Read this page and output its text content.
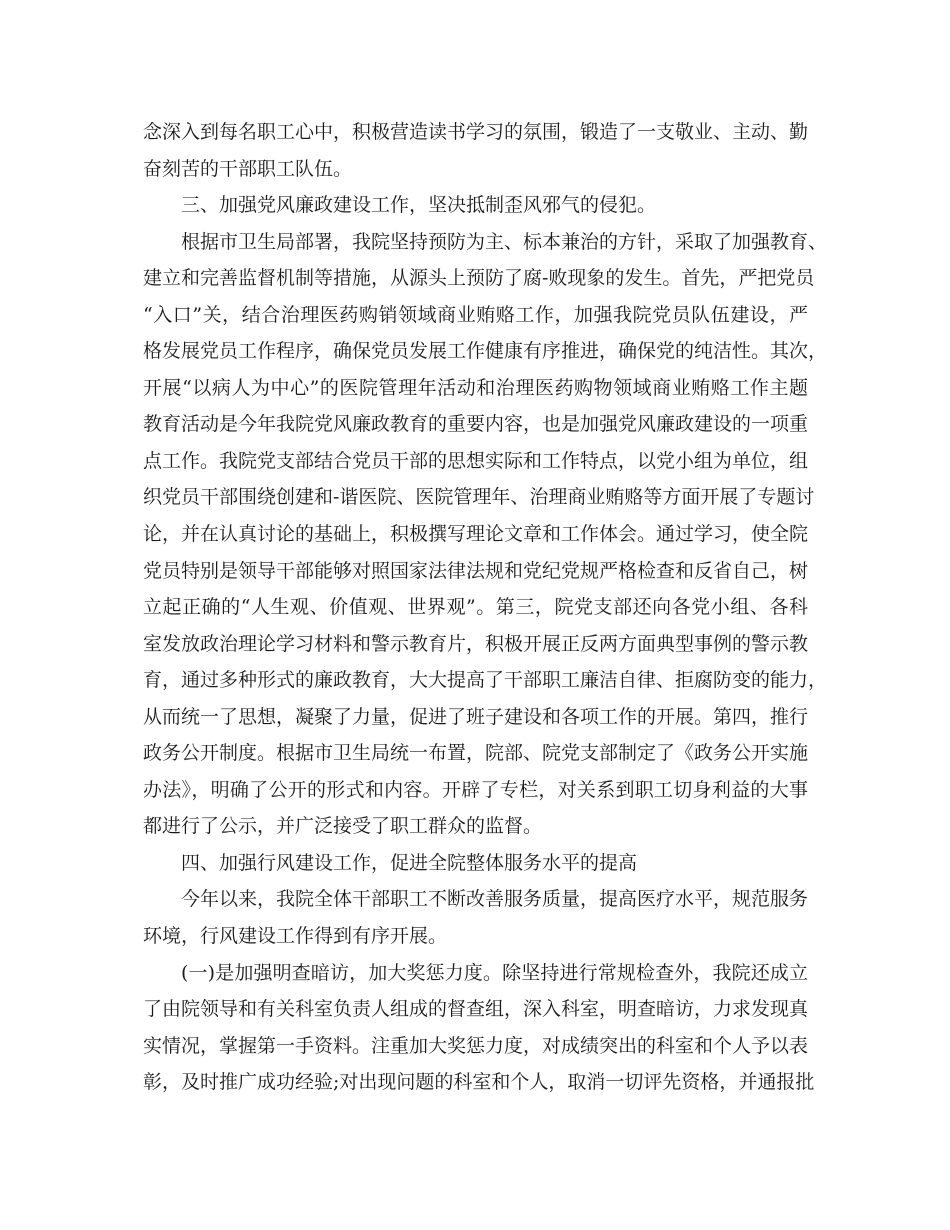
念深入到每名职工心中，积极营造读书学习的氛围，锻造了一支敬业、主动、勤
奋刻苦的干部职工队伍。
三、加强党风廉政建设工作，坚决抵制歪风邪气的侵犯。
根据市卫生局部署，我院坚持预防为主、标本兼治的方针，采取了加强教育、
建立和完善监督机制等措施，从源头上预防了腐-败现象的发生。首先，严把党员
“入口”关，结合治理医药购销领域商业贿赂工作，加强我院党员队伍建设，严
格发展党员工作程序，确保党员发展工作健康有序推进，确保党的纯洁性。其次，
开展“以病人为中心”的医院管理年活动和治理医药购物领域商业贿赂工作主题
教育活动是今年我院党风廉政教育的重要内容，也是加强党风廉政建设的一项重
点工作。我院党支部结合党员干部的思想实际和工作特点，以党小组为单位，组
织党员干部围绕创建和-谐医院、医院管理年、治理商业贿赂等方面开展了专题讨
论，并在认真讨论的基础上，积极撰写理论文章和工作体会。通过学习，使全院
党员特别是领导干部能够对照国家法律法规和党纪党规严格检查和反省自己，树
立起正确的“人生观、价值观、世界观”。第三，院党支部还向各党小组、各科
室发放政治理论学习材料和警示教育片，积极开展正反两方面典型事例的警示教
育，通过多种形式的廉政教育，大大提高了干部职工廉洁自律、拒腐防变的能力，
从而统一了思想，凝聚了力量，促进了班子建设和各项工作的开展。第四，推行
政务公开制度。根据市卫生局统一布置，院部、院党支部制定了《政务公开实施
办法》，明确了公开的形式和内容。开辟了专栏，对关系到职工切身利益的大事
都进行了公示，并广泛接受了职工群众的监督。
四、加强行风建设工作，促进全院整体服务水平的提高
今年以来，我院全体干部职工不断改善服务质量，提高医疗水平，规范服务
环境，行风建设工作得到有序开展。
(一)是加强明查暗访，加大奖惩力度。除坚持进行常规检查外，我院还成立
了由院领导和有关科室负责人组成的督查组，深入科室，明查暗访，力求发现真
实情况，掌握第一手资料。注重加大奖惩力度，对成绩突出的科室和个人予以表
彰，及时推广成功经验;对出现问题的科室和个人，取消一切评先资格，并通报批
